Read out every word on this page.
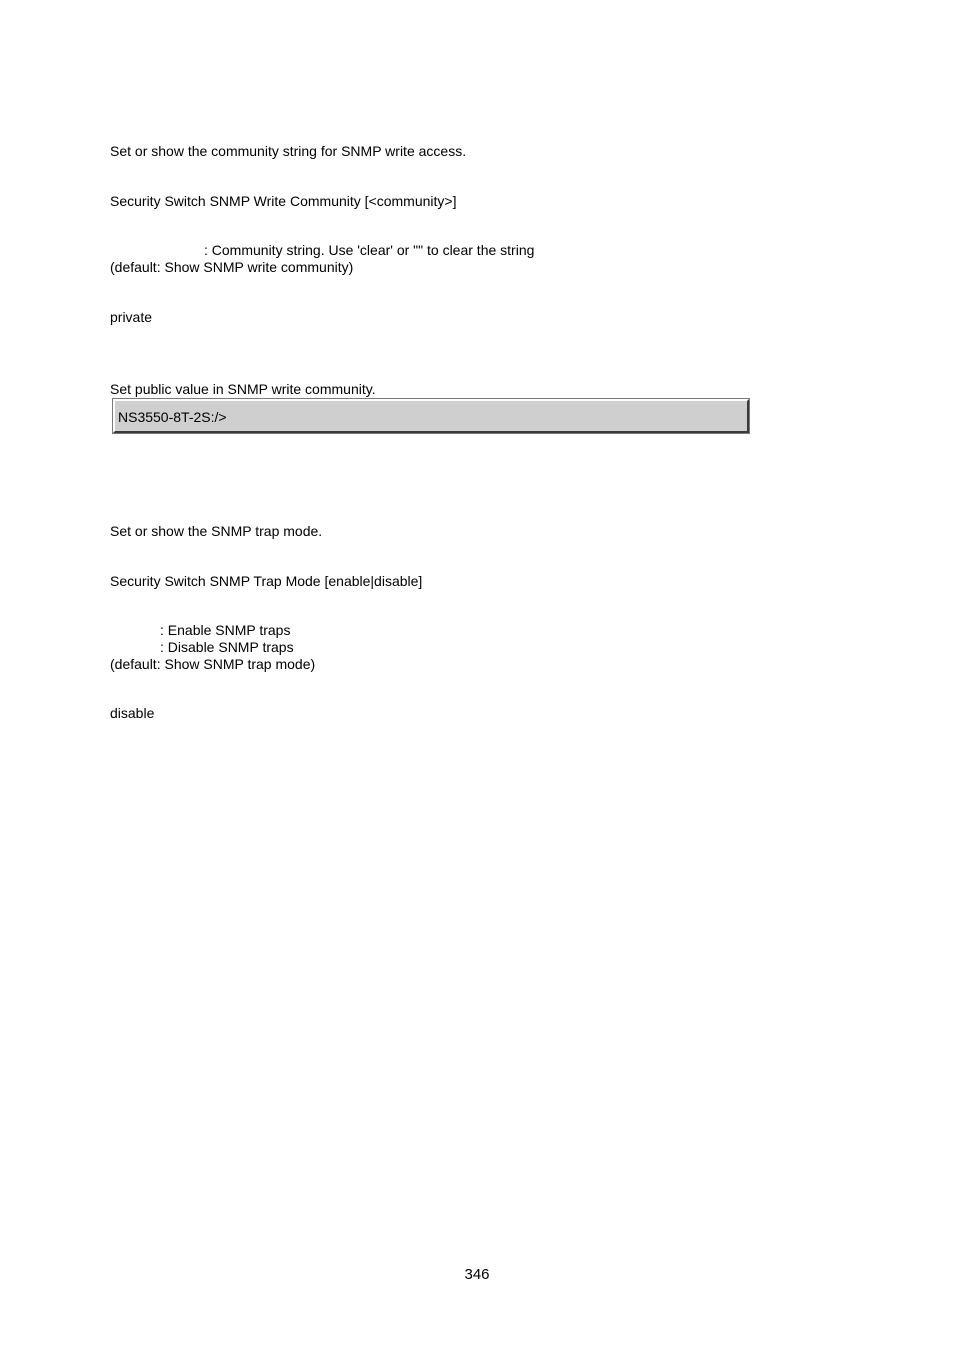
Set or show the community string for SNMP write access.
Security Switch SNMP Write Community [<community>]
: Community string. Use 'clear' or "" to clear the string
(default: Show SNMP write community)
private
Set public value in SNMP write community.
NS3550-8T-2S:/>
Set or show the SNMP trap mode.
Security Switch SNMP Trap Mode [enable|disable]
: Enable SNMP traps
: Disable SNMP traps
(default: Show SNMP trap mode)
disable
346
